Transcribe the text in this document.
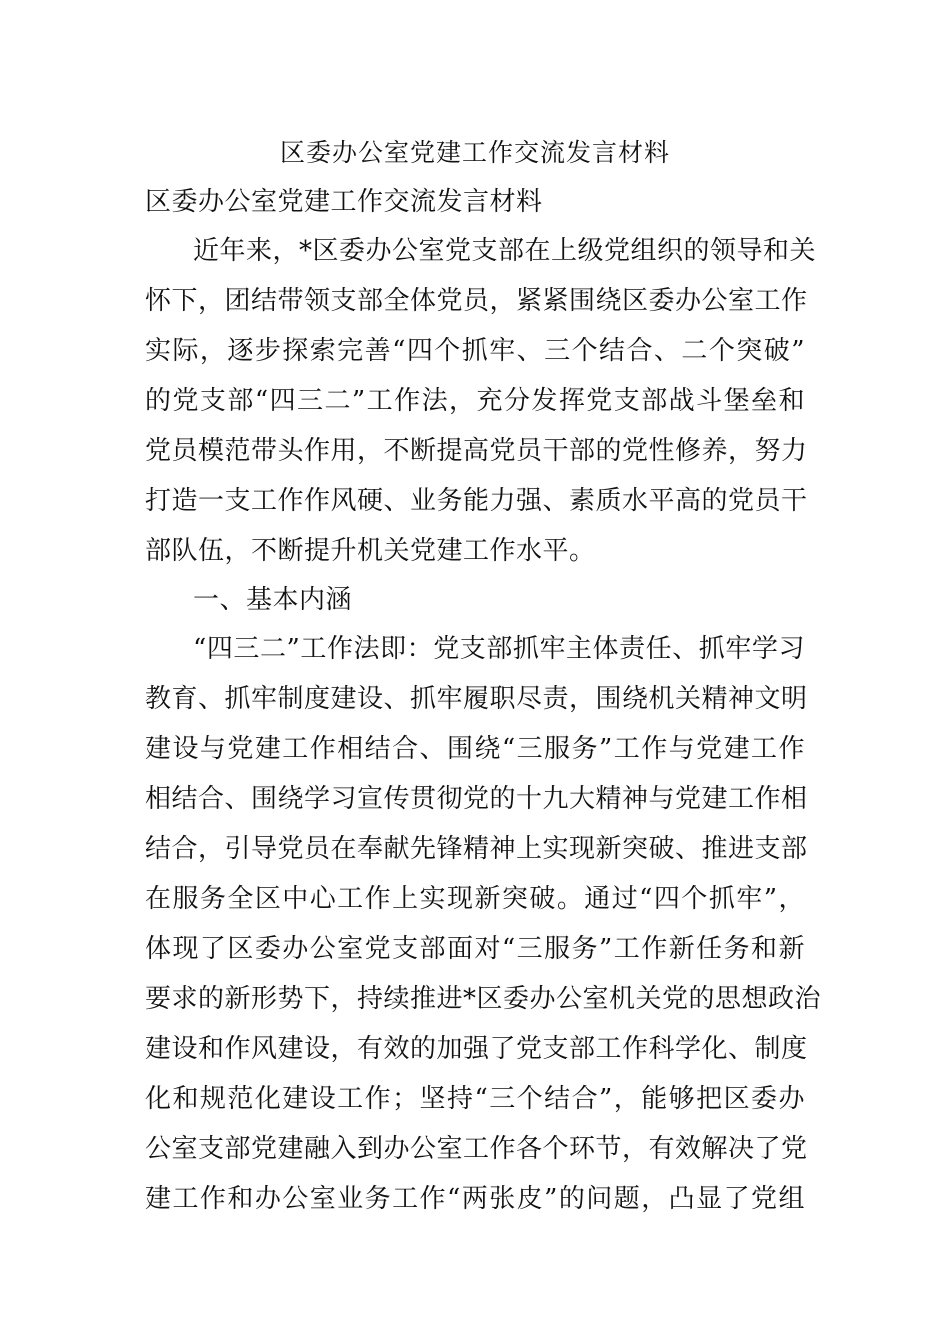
区委办公室党建工作交流发言材料
区委办公室党建工作交流发言材料
近年来，*区委办公室党支部在上级党组织的领导和关
怀下，团结带领支部全体党员，紧紧围绕区委办公室工作
实际，逐步探索完善“四个抓牢、三个结合、二个突破”
的党支部“四三二”工作法，充分发挥党支部战斗堡垒和
党员模范带头作用，不断提高党员干部的党性修养，努力
打造一支工作作风硬、业务能力强、素质水平高的党员干
部队伍，不断提升机关党建工作水平。
一、基本内涵
“四三二”工作法即：党支部抓牢主体责任、抓牢学习
教育、抓牢制度建设、抓牢履职尽责，围绕机关精神文明
建设与党建工作相结合、围绕“三服务”工作与党建工作
相结合、围绕学习宣传贯彻党的十九大精神与党建工作相
结合，引导党员在奉献先锋精神上实现新突破、推进支部
在服务全区中心工作上实现新突破。通过“四个抓牢”，
体现了区委办公室党支部面对“三服务”工作新任务和新
要求的新形势下，持续推进*区委办公室机关党的思想政治
建设和作风建设，有效的加强了党支部工作科学化、制度
化和规范化建设工作；坚持“三个结合”，能够把区委办
公室支部党建融入到办公室工作各个环节，有效解决了党
建工作和办公室业务工作“两张皮”的问题，凸显了党组
